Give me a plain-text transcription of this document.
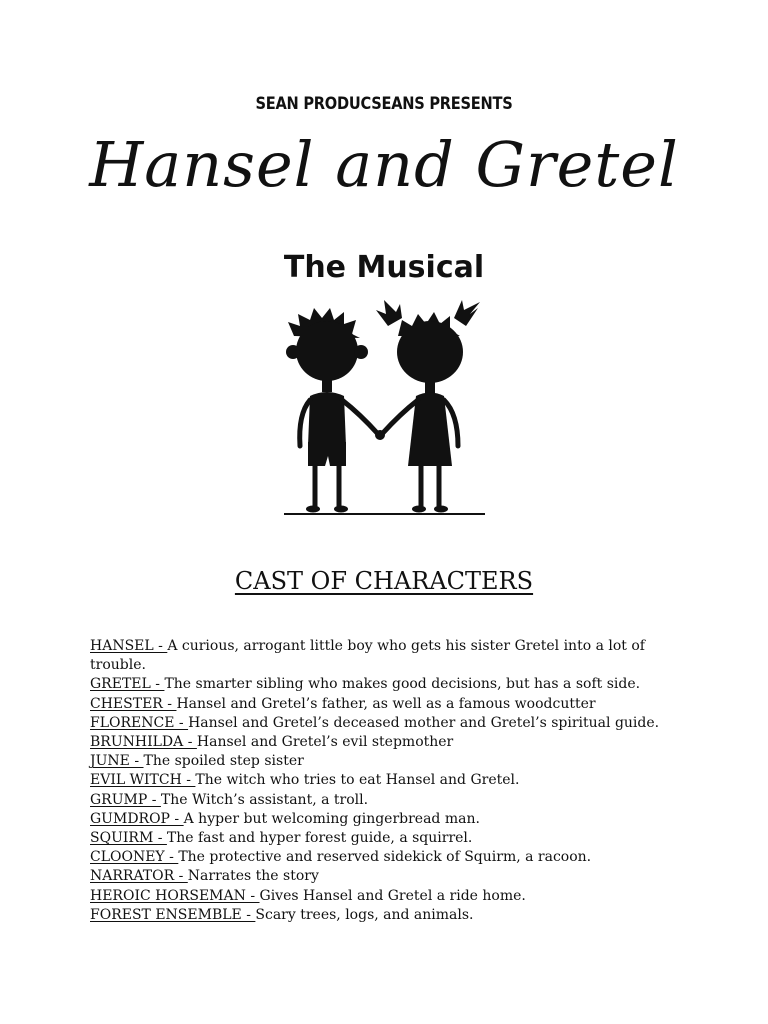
SEAN PRODUCSEANS PRESENTS
Hansel and Gretel
The Musical
CAST OF CHARACTERS

HANSEL - A curious, arrogant little boy who gets his sister Gretel into a lot of trouble.

GRETEL - The smarter sibling who makes good decisions, but has a soft side.

CHESTER - Hansel and Gretel’s father, as well as a famous woodcutter

FLORENCE - Hansel and Gretel’s deceased mother and Gretel’s spiritual guide.

BRUNHILDA - Hansel and Gretel’s evil stepmother

JUNE - The spoiled step sister

EVIL WITCH - The witch who tries to eat Hansel and Gretel.

GRUMP - The Witch’s assistant, a troll.

GUMDROP - A hyper but welcoming gingerbread man.

SQUIRM - The fast and hyper forest guide, a squirrel.

CLOONEY - The protective and reserved sidekick of Squirm, a racoon.

NARRATOR - Narrates the story

HEROIC HORSEMAN - Gives Hansel and Gretel a ride home.

FOREST ENSEMBLE - Scary trees, logs, and animals.
